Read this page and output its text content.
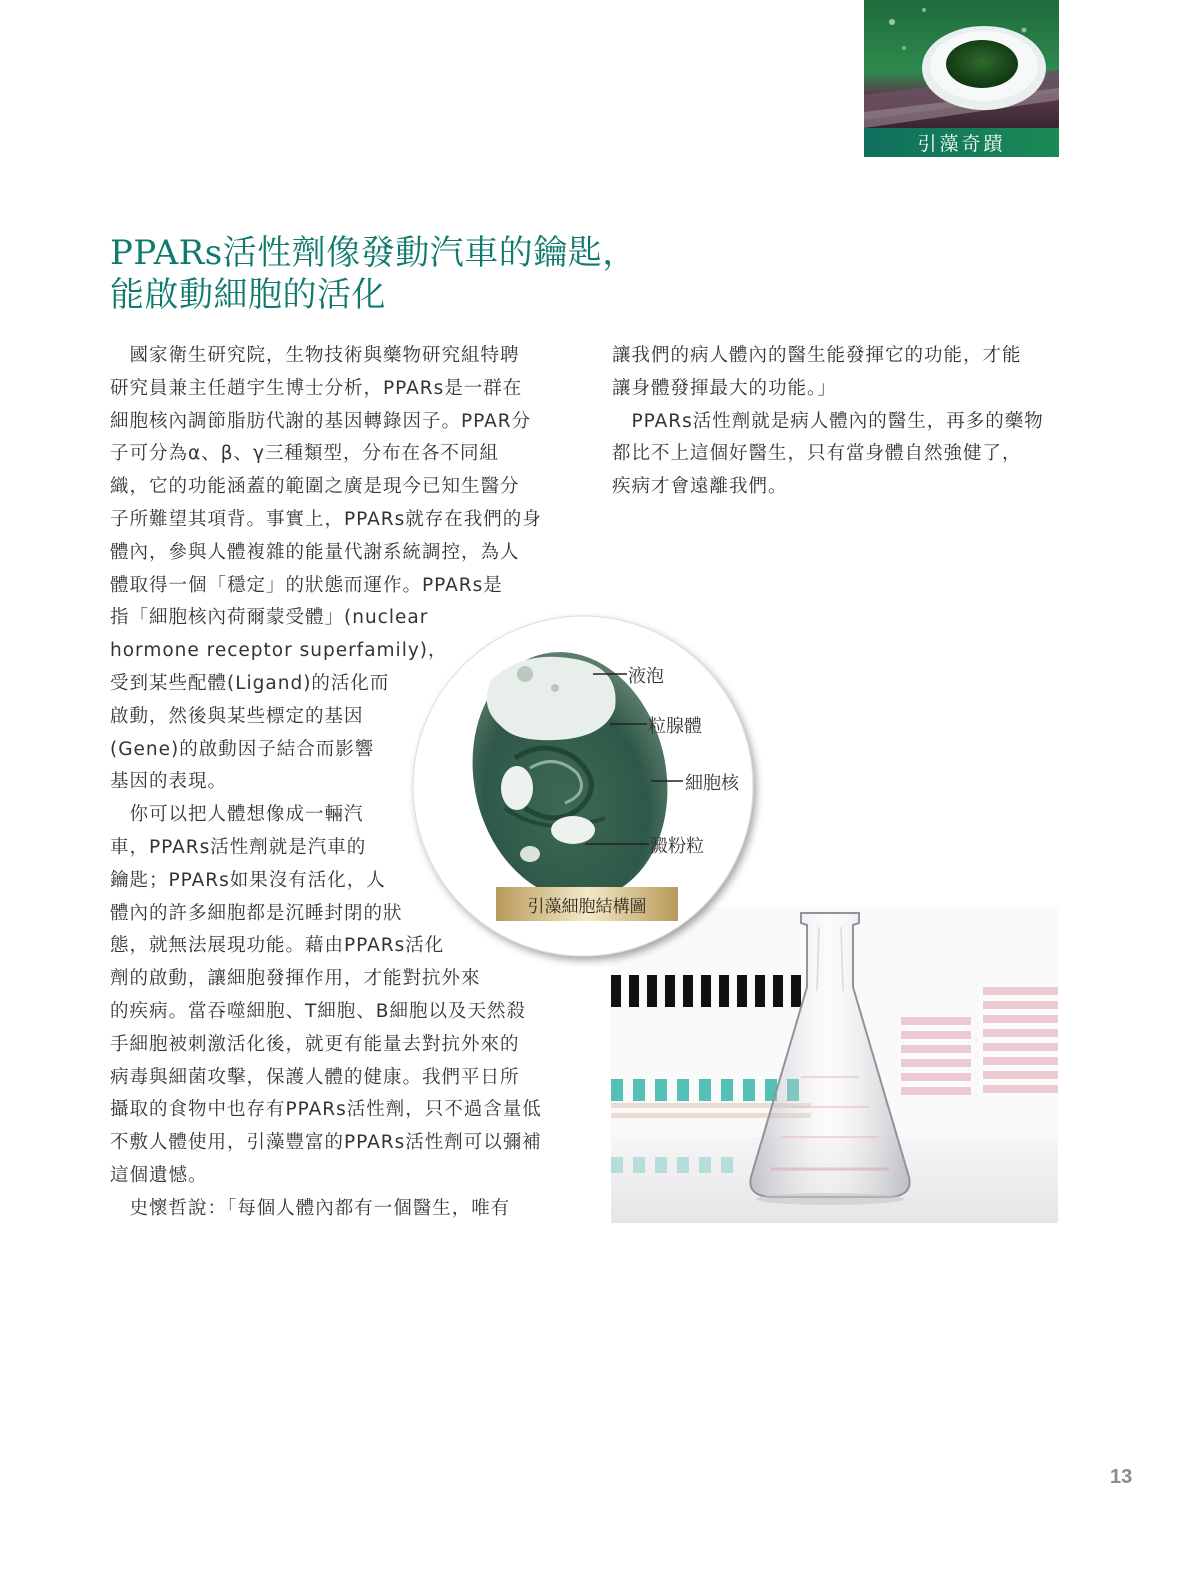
引藻奇蹟
PPARs活性劑像發動汽車的鑰匙，
能啟動細胞的活化
　國家衛生研究院，生物技術與藥物研究組特聘
研究員兼主任趙宇生博士分析，PPARs是一群在
細胞核內調節脂肪代謝的基因轉錄因子。PPAR分
子可分為α、β、γ三種類型，分布在各不同組
織，它的功能涵蓋的範圍之廣是現今已知生醫分
子所難望其項背。事實上，PPARs就存在我們的身
體內，參與人體複雜的能量代謝系統調控，為人
體取得一個「穩定」的狀態而運作。PPARs是
指「細胞核內荷爾蒙受體」(nuclear
hormone receptor superfamily)，
受到某些配體(Ligand)的活化而
啟動，然後與某些標定的基因
(Gene)的啟動因子結合而影響
基因的表現。
　你可以把人體想像成一輛汽
車，PPARs活性劑就是汽車的
鑰匙；PPARs如果沒有活化，人
體內的許多細胞都是沉睡封閉的狀
態，就無法展現功能。藉由PPARs活化
劑的啟動，讓細胞發揮作用，才能對抗外來
的疾病。當吞噬細胞、T細胞、B細胞以及天然殺
手細胞被刺激活化後，就更有能量去對抗外來的
病毒與細菌攻擊，保護人體的健康。我們平日所
攝取的食物中也存有PPARs活性劑，只不過含量低
不敷人體使用，引藻豐富的PPARs活性劑可以彌補
這個遺憾。
　史懷哲說：「每個人體內都有一個醫生，唯有
讓我們的病人體內的醫生能發揮它的功能，才能
讓身體發揮最大的功能。」
　PPARs活性劑就是病人體內的醫生，再多的藥物
都比不上這個好醫生，只有當身體自然強健了，
疾病才會遠離我們。
液泡
粒腺體
細胞核
澱粉粒
引藻細胞結構圖
13
